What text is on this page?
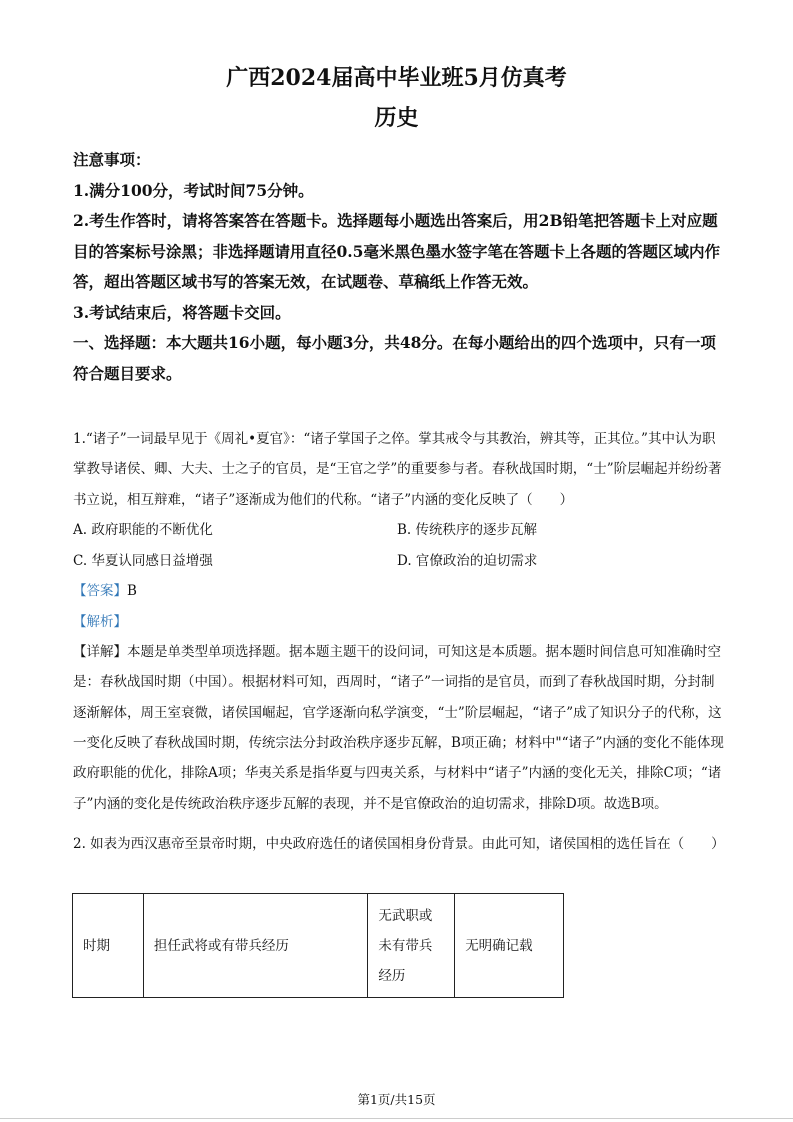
广西2024届高中毕业班5月仿真考
历史

注意事项：

1.满分100分，考试时间75分钟。

2.考生作答时，请将答案答在答题卡。选择题每小题选出答案后，用2B铅笔把答题卡上对应题目的答案标号涂黑；非选择题请用直径0.5毫米黑色墨水签字笔在答题卡上各题的答题区域内作答，超出答题区域书写的答案无效，在试题卷、草稿纸上作答无效。

3.考试结束后，将答题卡交回。

一、选择题：本大题共16小题，每小题3分，共48分。在每小题给出的四个选项中，只有一项符合题目要求。

1.“诸子”一词最早见于《周礼•夏官》：“诸子掌国子之倅。掌其戒令与其教治，辨其等，正其位。”其中认为职掌教导诸侯、卿、大夫、士之子的官员，是“王官之学”的重要参与者。春秋战国时期，“士”阶层崛起并纷纷著书立说，相互辩难，“诸子”逐渐成为他们的代称。“诸子”内涵的变化反映了（　　）

A. 政府职能的不断优化	B. 传统秩序的逐步瓦解
C. 华夏认同感日益增强	D. 官僚政治的迫切需求

【答案】B

【解析】

【详解】本题是单类型单项选择题。据本题主题干的设问词，可知这是本质题。据本题时间信息可知准确时空是：春秋战国时期（中国）。根据材料可知，西周时，“诸子”一词指的是官员，而到了春秋战国时期，分封制逐渐解体，周王室衰微，诸侯国崛起，官学逐渐向私学演变，“士”阶层崛起，“诸子”成了知识分子的代称，这一变化反映了春秋战国时期，传统宗法分封政治秩序逐步瓦解，B项正确；材料中"“诸子”内涵的变化不能体现政府职能的优化，排除A项；华夷关系是指华夏与四夷关系，与材料中“诸子”内涵的变化无关，排除C项；“诸子”内涵的变化是传统政治秩序逐步瓦解的表现，并不是官僚政治的迫切需求，排除D项。故选B项。

2. 如表为西汉惠帝至景帝时期，中央政府选任的诸侯国相身份背景。由此可知，诸侯国相的选任旨在（　　）

时期	担任武将或有带兵经历	无武职或未有带兵经历	无明确记载
第1页/共15页
